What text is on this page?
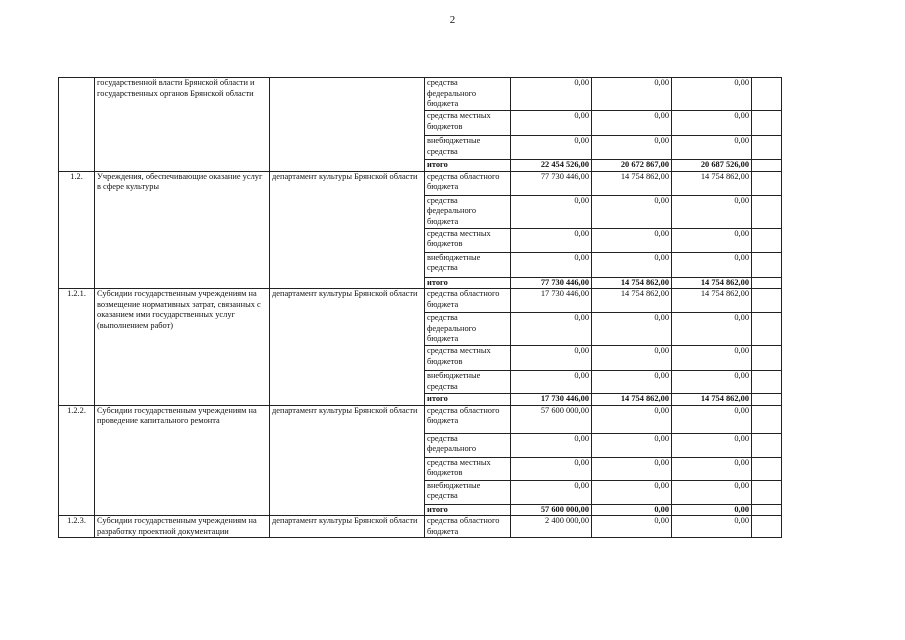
2
	государственной власти Брянской области и государственных органов Брянской области		средства федерального бюджета	0,00	0,00	0,00	
			средства местных бюджетов	0,00	0,00	0,00	
			внебюджетные средства	0,00	0,00	0,00	
			итого	22 454 526,00	20 672 867,00	20 687 526,00	
1.2.	Учреждения, обеспечивающие оказание услуг в сфере культуры	департамент культуры Брянской области	средства областного бюджета	77 730 446,00	14 754 862,00	14 754 862,00	
			средства федерального бюджета	0,00	0,00	0,00	
			средства местных бюджетов	0,00	0,00	0,00	
			внебюджетные средства	0,00	0,00	0,00	
			итого	77 730 446,00	14 754 862,00	14 754 862,00	
1.2.1.	Субсидии государственным учреждениям на возмещение нормативных затрат, связанных с оказанием ими государственных услуг (выполнением работ)	департамент культуры Брянской области	средства областного бюджета	17 730 446,00	14 754 862,00	14 754 862,00	
			средства федерального бюджета	0,00	0,00	0,00	
			средства местных бюджетов	0,00	0,00	0,00	
			внебюджетные средства	0,00	0,00	0,00	
			итого	17 730 446,00	14 754 862,00	14 754 862,00	
1.2.2.	Субсидии государственным учреждениям на проведение капитального ремонта	департамент культуры Брянской области	средства областного бюджета	57 600 000,00	0,00	0,00	
			средства федерального	0,00	0,00	0,00	
			средства местных бюджетов	0,00	0,00	0,00	
			внебюджетные средства	0,00	0,00	0,00	
			итого	57 600 000,00	0,00	0,00	
1.2.3.	Субсидии государственным учреждениям на разработку проектной документации	департамент культуры Брянской области	средства областного бюджета	2 400 000,00	0,00	0,00	
